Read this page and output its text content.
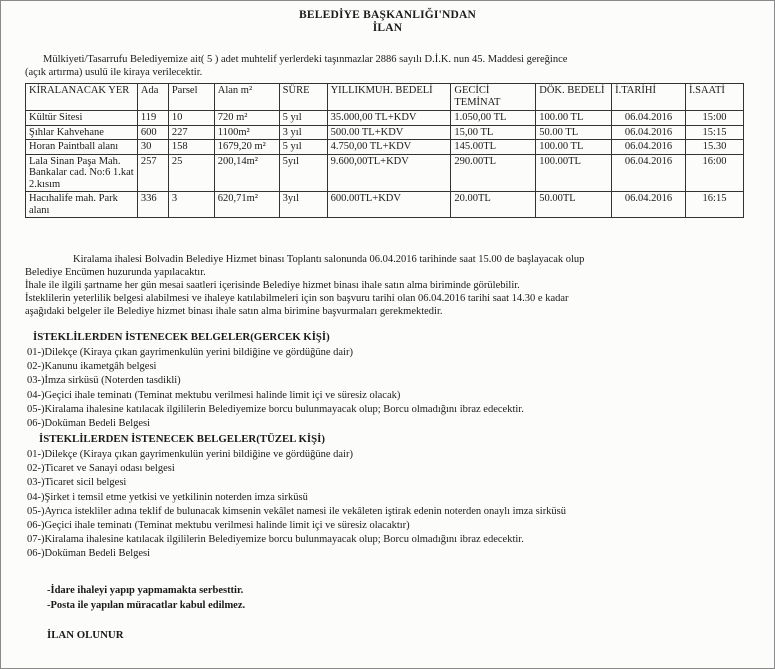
BELEDİYE BAŞKANLIĞI'NDAN
İLAN
Mülkiyeti/Tasarrufu Belediyemize ait( 5 ) adet muhtelif yerlerdeki taşınmazlar 2886 sayılı D.İ.K. nun 45. Maddesi gereğince
(açık artırma) usulü ile kiraya verilecektir.
KİRALANACAK YER	Ada	Parsel	Alan m²	SÜRE	YILLIKMUH. BEDELİ	GECİCİ TEMİNAT	DÖK. BEDELİ	İ.TARİHİ	İ.SAATİ
Kültür Sitesi	119	10	720 m²	5 yıl	35.000,00 TL+KDV	1.050,00 TL	100.00 TL	06.04.2016	15:00
Şıhlar Kahvehane	600	227	1100m²	3 yıl	500.00 TL+KDV	15,00 TL	50.00 TL	06.04.2016	15:15
Horan Paintball alanı	30	158	1679,20 m²	5 yıl	4.750,00 TL+KDV	145.00TL	100.00 TL	06.04.2016	15.30
Lala Sinan Paşa Mah. Bankalar cad. No:6 1.kat 2.kısım	257	25	200,14m²	5yıl	9.600,00TL+KDV	290.00TL	100.00TL	06.04.2016	16:00
Hacıhalife mah. Park alanı	336	3	620,71m²	3yıl	600.00TL+KDV	20.00TL	50.00TL	06.04.2016	16:15
Kiralama ihalesi Bolvadin Belediye Hizmet binası Toplantı salonunda 06.04.2016 tarihinde saat 15.00 de başlayacak olup
Belediye Encümen huzurunda yapılacaktır.
İhale ile ilgili şartname her gün mesai saatleri içerisinde Belediye hizmet binası ihale satın alma biriminde görülebilir.
İsteklilerin yeterlilik belgesi alabilmesi ve ihaleye katılabilmeleri için son başvuru tarihi olan 06.04.2016 tarihi saat 14.30 e kadar
aşağıdaki belgeler ile Belediye hizmet binası ihale satın alma birimine başvurmaları gerekmektedir.
İSTEKLİLERDEN İSTENECEK BELGELER(GERCEK KİŞİ)
01-)Dilekçe (Kiraya çıkan gayrimenkulün yerini bildiğine ve gördüğüne dair)
02-)Kanunu ikametgâh belgesi
03-)İmza sirküsü (Noterden tasdikli)
04-)Geçici ihale teminatı (Teminat mektubu verilmesi halinde limit içi ve süresiz olacak)
05-)Kiralama ihalesine katılacak ilgililerin Belediyemize borcu bulunmayacak olup; Borcu olmadığını ibraz edecektir.
06-)Doküman Bedeli Belgesi
İSTEKLİLERDEN İSTENECEK BELGELER(TÜZEL KİŞİ)
01-)Dilekçe (Kiraya çıkan gayrimenkulün yerini bildiğine ve gördüğüne dair)
02-)Ticaret ve Sanayi odası belgesi
03-)Ticaret sicil belgesi
04-)Şirket i temsil etme yetkisi ve yetkilinin noterden imza sirküsü
05-)Ayrıca istekliler adına teklif de bulunacak kimsenin vekâlet namesi ile vekâleten iştirak edenin noterden onaylı imza sirküsü
06-)Geçici ihale teminatı (Teminat mektubu verilmesi halinde limit içi ve süresiz olacaktır)
07-)Kiralama ihalesine katılacak ilgililerin Belediyemize borcu bulunmayacak olup; Borcu olmadığını ibraz edecektir.
06-)Doküman Bedeli Belgesi
-İdare ihaleyi yapıp yapmamakta serbesttir.
-Posta ile yapılan müracatlar kabul edilmez.
İLAN OLUNUR
